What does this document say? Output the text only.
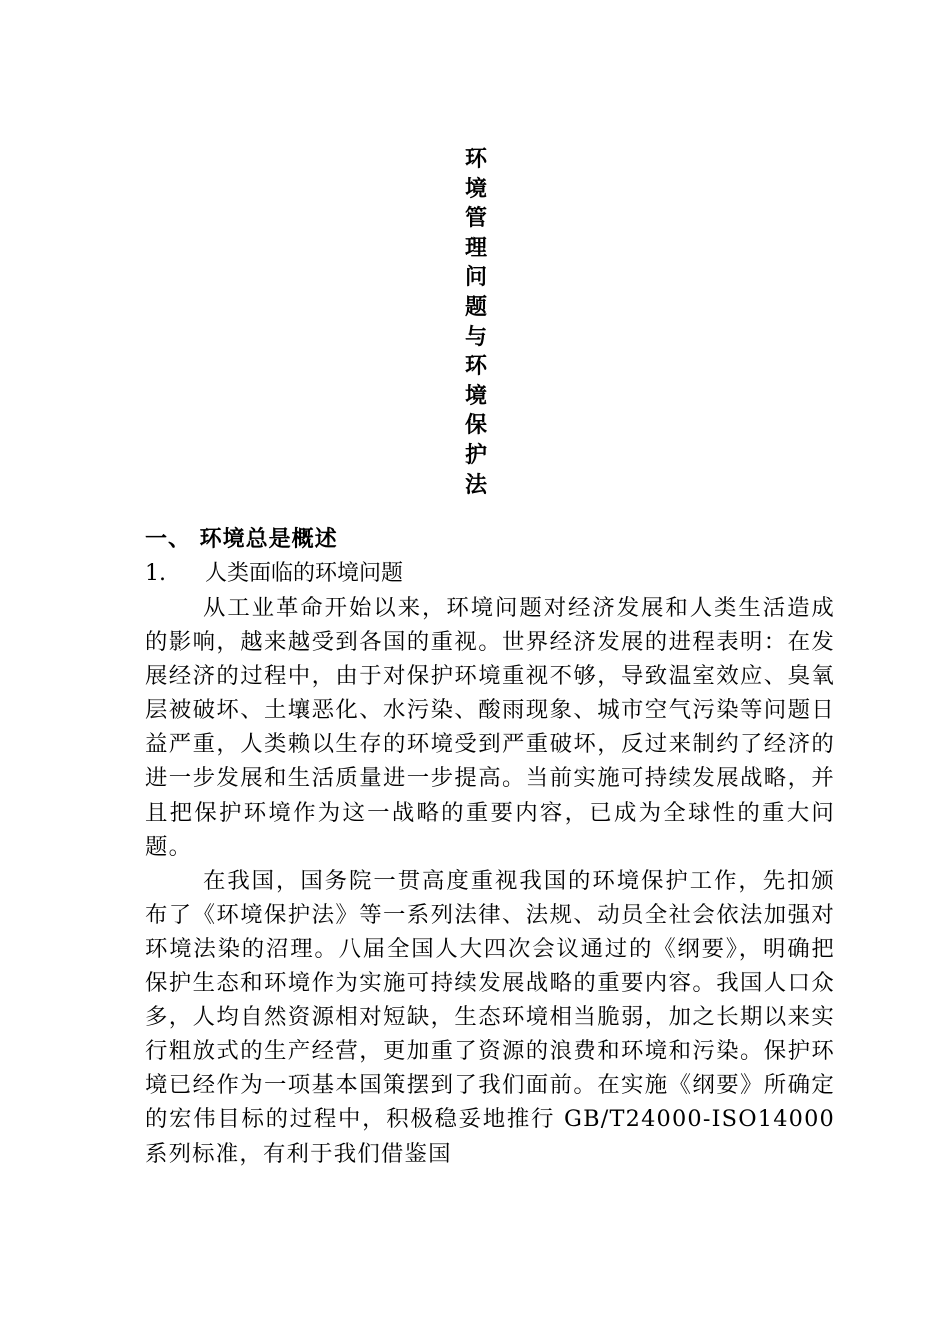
环境管理问题与环境保护法
一、 环境总是概述
1.	人类面临的环境问题

从工业革命开始以来，环境问题对经济发展和人类生活造成的影响，越来越受到各国的重视。世界经济发展的进程表明：在发展经济的过程中，由于对保护环境重视不够，导致温室效应、臭氧层被破坏、土壤恶化、水污染、酸雨现象、城市空气污染等问题日益严重，人类赖以生存的环境受到严重破坏，反过来制约了经济的进一步发展和生活质量进一步提高。当前实施可持续发展战略，并且把保护环境作为这一战略的重要内容，已成为全球性的重大问题。

在我国，国务院一贯高度重视我国的环境保护工作，先扣颁布了《环境保护法》等一系列法律、法规、动员全社会依法加强对环境法染的沼理。八届全国人大四次会议通过的《纲要》，明确把保护生态和环境作为实施可持续发展战略的重要内容。我国人口众多，人均自然资源相对短缺，生态环境相当脆弱，加之长期以来实行粗放式的生产经营，更加重了资源的浪费和环境和污染。保护环境已经作为一项基本国策摆到了我们面前。在实施《纲要》所确定的宏伟目标的过程中，积极稳妥地推行 GB/T24000-ISO14000 系列标准，有利于我们借鉴国
